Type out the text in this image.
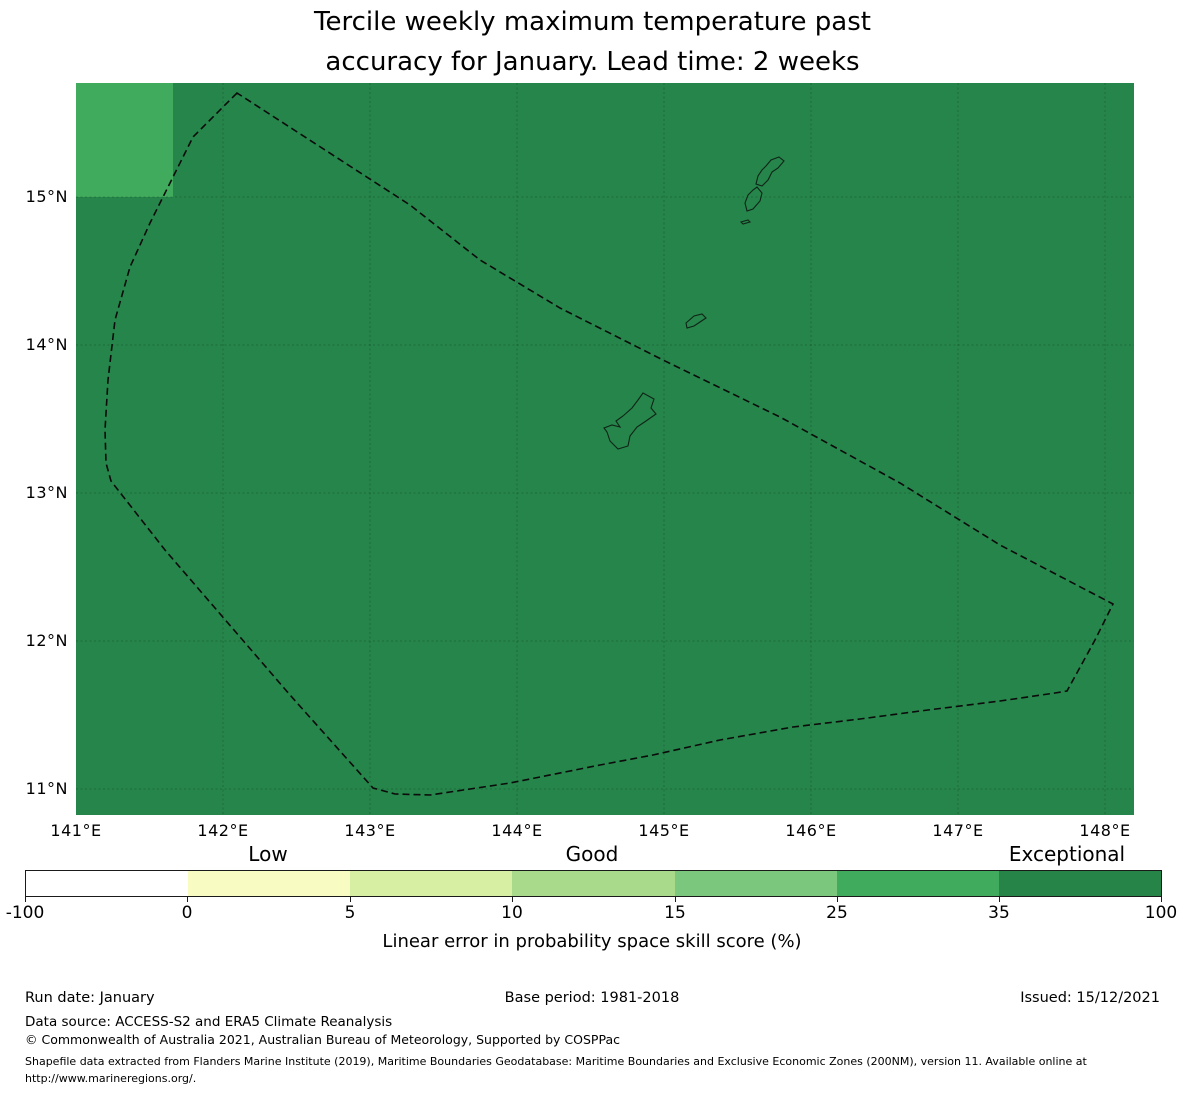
Tercile weekly maximum temperature past
accuracy for January. Lead time: 2 weeks
15°N
14°N
13°N
12°N
11°N
141°E	142°E	143°E	144°E	145°E	146°E	147°E	148°E
Low	Good	Exceptional
-100	0	5	10	15	25	35	100
Linear error in probability space skill score (%)
Run date: January	Base period: 1981-2018	Issued: 15/12/2021
Data source: ACCESS-S2 and ERA5 Climate Reanalysis
© Commonwealth of Australia 2021, Australian Bureau of Meteorology, Supported by COSPPac
Shapefile data extracted from Flanders Marine Institute (2019), Maritime Boundaries Geodatabase: Maritime Boundaries and Exclusive Economic Zones (200NM), version 11. Available online at http://www.marineregions.org/.
